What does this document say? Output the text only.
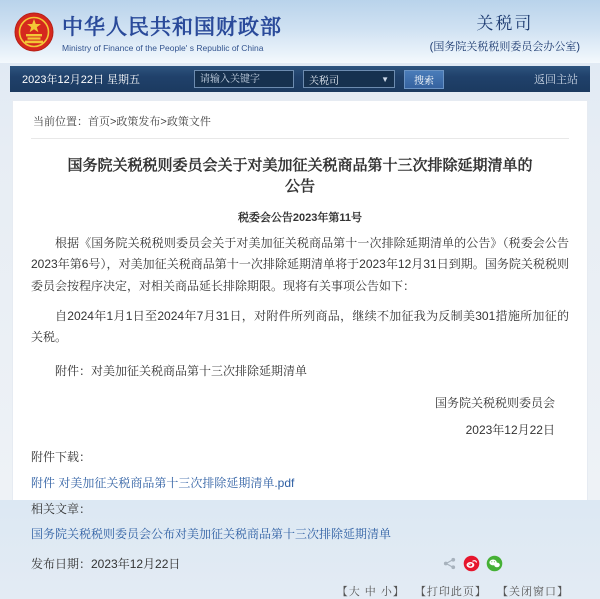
中华人民共和国财政部
Ministry of Finance of the People' s Republic of China
关税司
(国务院关税税则委员会办公室)
2023年12月22日 星期五
请输入关键字	关税司	▼	搜索	返回主站
当前位置：首页>政策发布>政策文件
国务院关税税则委员会关于对美加征关税商品第十三次排除延期清单的公告
税委会公告2023年第11号
根据《国务院关税税则委员会关于对美加征关税商品第十一次排除延期清单的公告》（税委会公告2023年第6号），对美加征关税商品第十一次排除延期清单将于2023年12月31日到期。国务院关税税则委员会按程序决定，对相关商品延长排除期限。现将有关事项公告如下：
自2024年1月1日至2024年7月31日，对附件所列商品，继续不加征我为反制美301措施所加征的关税。
附件：对美加征关税商品第十三次排除延期清单
国务院关税税则委员会
2023年12月22日
附件下载：
附件 对美加征关税商品第十三次排除延期清单.pdf
相关文章：
国务院关税税则委员会公布对美加征关税商品第十三次排除延期清单
发布日期：2023年12月22日
【大 中 小】 【打印此页】 【关闭窗口】
